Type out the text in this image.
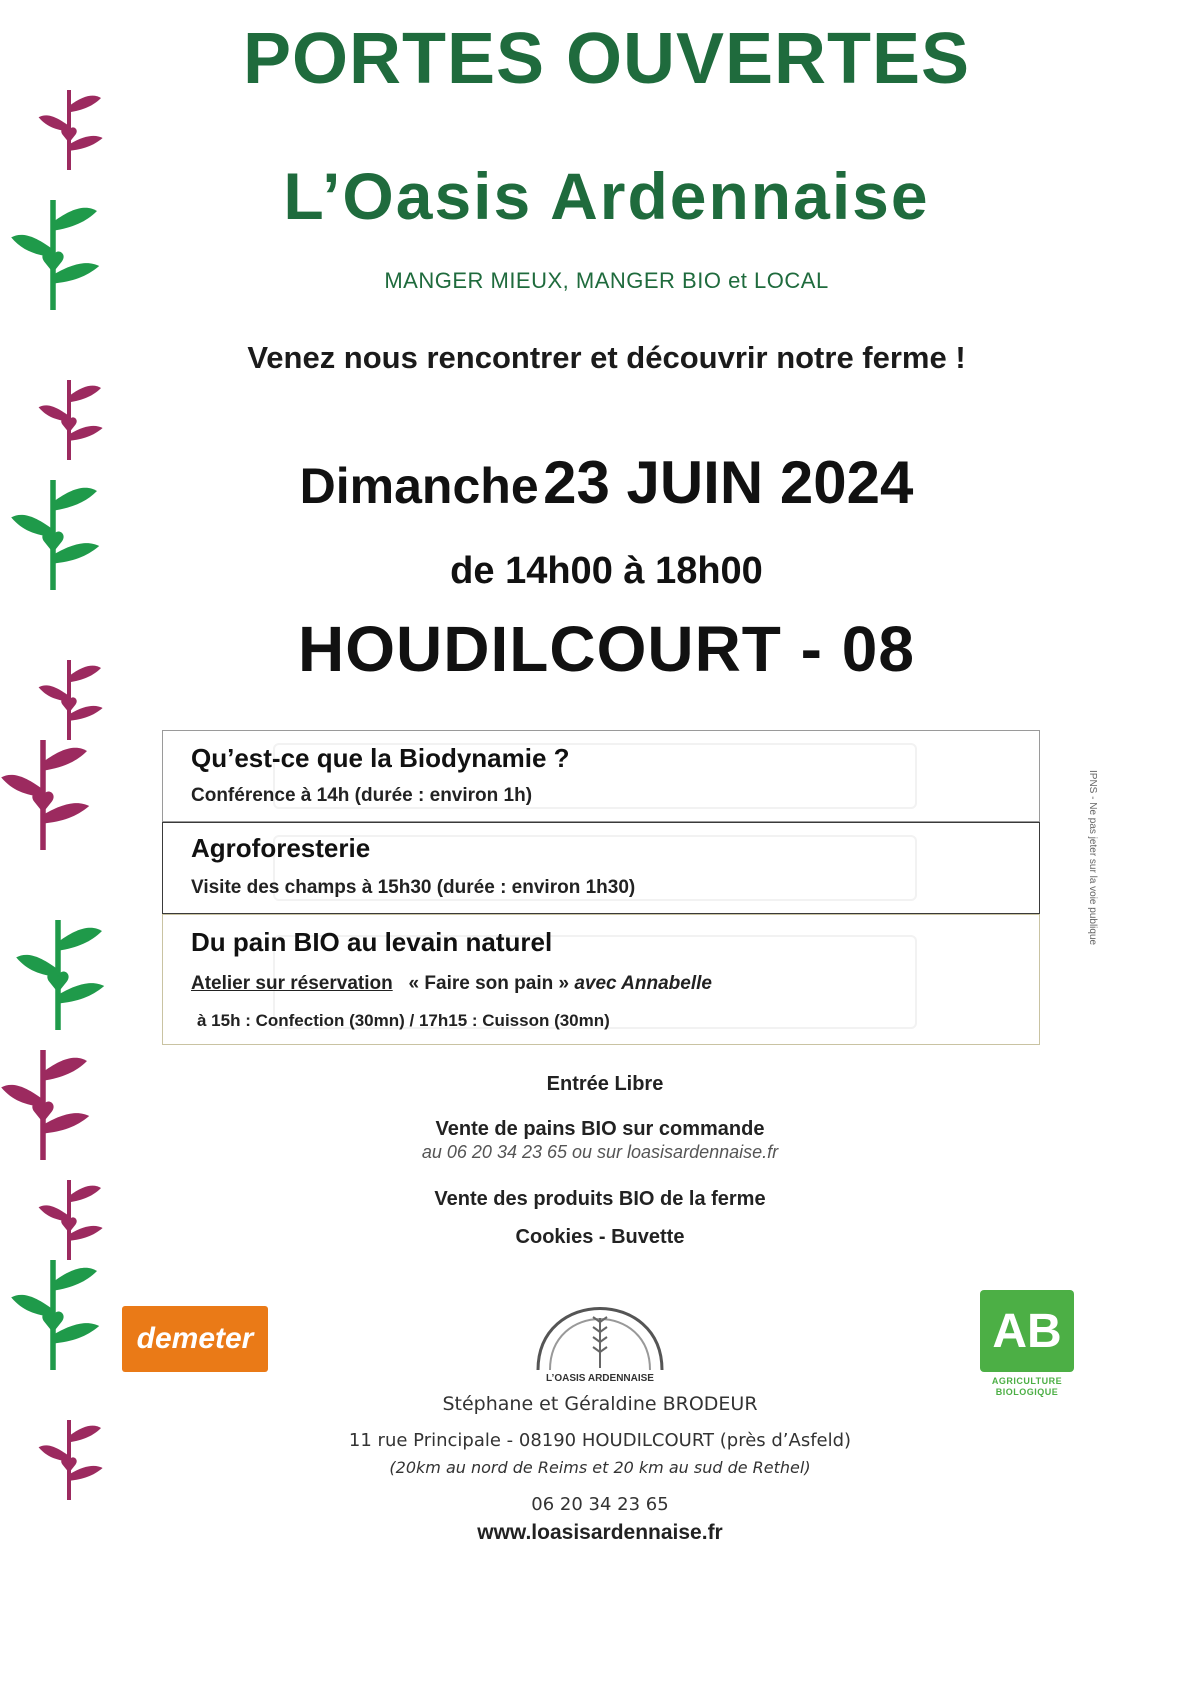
PORTES OUVERTES
L’Oasis Ardennaise
MANGER MIEUX, MANGER BIO et LOCAL
Venez nous rencontrer et découvrir notre ferme !
Dimanche 23 JUIN 2024
de 14h00 à 18h00
HOUDILCOURT - 08
Qu’est-ce que la Biodynamie ?
Conférence à 14h (durée : environ 1h)
Agroforesterie
Visite des champs à 15h30 (durée : environ 1h30)
Du pain BIO au levain naturel
Atelier sur réservation « Faire son pain » avec Annabelle
à 15h : Confection (30mn) / 17h15 : Cuisson (30mn)
Entrée Libre
Vente de pains BIO sur commande
au 06 20 34 23 65 ou sur loasisardennaise.fr
Vente des produits BIO de la ferme
Cookies - Buvette
L’OASIS ARDENNAISE
Stéphane et Géraldine BRODEUR
11 rue Principale - 08190 HOUDILCOURT (près d’Asfeld)
(20km au nord de Reims et 20 km au sud de Rethel)
06 20 34 23 65
www.loasisardennaise.fr
demeter	AB
AGRICULTURE
BIOLOGIQUE
IPNS - Ne pas jeter sur la voie publique
